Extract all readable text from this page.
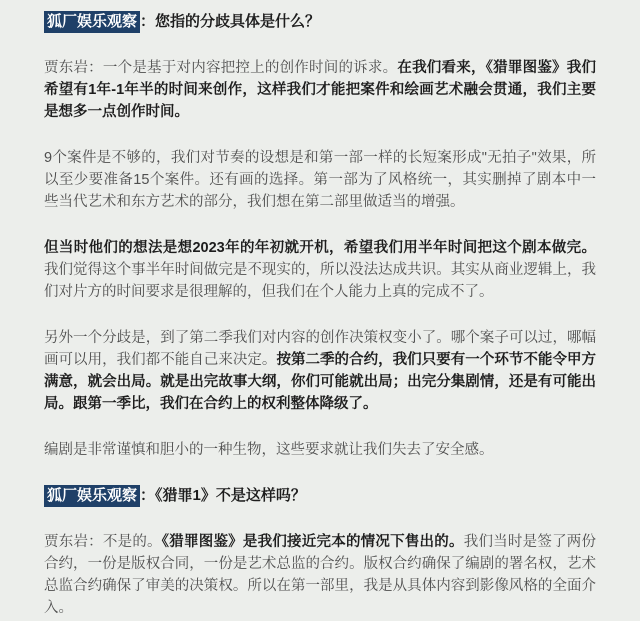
狐厂娱乐观察 ：您指的分歧具体是什么？

贾东岩：一个是基于对内容把控上的创作时间的诉求。在我们看来，《猎罪图鉴》我们希望有1年-1年半的时间来创作，这样我们才能把案件和绘画艺术融会贯通，我们主要是想多一点创作时间。

9个案件是不够的，我们对节奏的设想是和第一部一样的长短案形成"无拍子"效果，所以至少要准备15个案件。还有画的选择。第一部为了风格统一，其实删掉了剧本中一些当代艺术和东方艺术的部分，我们想在第二部里做适当的增强。

但当时他们的想法是想2023年的年初就开机，希望我们用半年时间把这个剧本做完。我们觉得这个事半年时间做完是不现实的，所以没法达成共识。其实从商业逻辑上，我们对片方的时间要求是很理解的，但我们在个人能力上真的完成不了。

另外一个分歧是，到了第二季我们对内容的创作决策权变小了。哪个案子可以过，哪幅画可以用，我们都不能自己来决定。按第二季的合约，我们只要有一个环节不能令甲方满意，就会出局。就是出完故事大纲，你们可能就出局；出完分集剧情，还是有可能出局。跟第一季比，我们在合约上的权利整体降级了。

编剧是非常谨慎和胆小的一种生物，这些要求就让我们失去了安全感。

狐厂娱乐观察 ：《猎罪1》不是这样吗？

贾东岩：不是的。《猎罪图鉴》是我们接近完本的情况下售出的。我们当时是签了两份合约，一份是版权合同，一份是艺术总监的合约。版权合约确保了编剧的署名权，艺术总监合约确保了审美的决策权。所以在第一部里，我是从具体内容到影像风格的全面介入。
